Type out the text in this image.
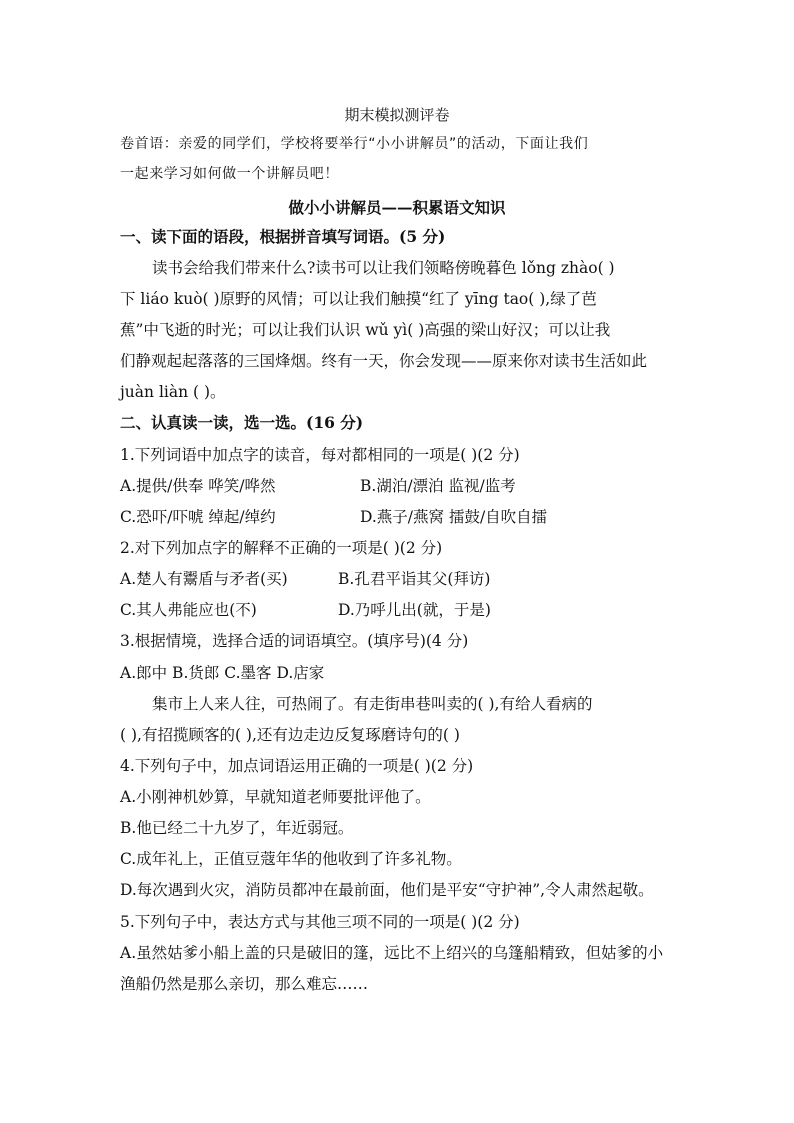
期末模拟测评卷
卷首语：亲爱的同学们，学校将要举行“小小讲解员”的活动，下面让我们
一起来学习如何做一个讲解员吧！
做小小讲解员——积累语文知识
一、读下面的语段，根据拼音填写词语。(5 分)
读书会给我们带来什么?读书可以让我们领略傍晚暮色 lǒng zhào( )
下 liáo kuò( )原野的风情；可以让我们触摸“红了 yīng tao( ),绿了芭
蕉”中飞逝的时光；可以让我们认识 wǔ yì( )高强的梁山好汉；可以让我
们静观起起落落的三国烽烟。终有一天，你会发现——原来你对读书生活如此
juàn liàn ( )。
二、认真读一读，选一选。(16 分)
1.下列词语中加点字的读音，每对都相同的一项是( )(2 分)
A.提供/供奉 哗笑/哗然	B.湖泊/漂泊 监视/监考
C.恐吓/吓唬 绰起/绰约	D.燕子/燕窝 擂鼓/自吹自擂
2.对下列加点字的解释不正确的一项是( )(2 分)
A.楚人有鬻盾与矛者(买)	B.孔君平诣其父(拜访)
C.其人弗能应也(不)	D.乃呼儿出(就，于是)
3.根据情境，选择合适的词语填空。(填序号)(4 分)
A.郎中 B.货郎 C.墨客 D.店家
集市上人来人往，可热闹了。有走街串巷叫卖的( ),有给人看病的
( ),有招揽顾客的( ),还有边走边反复琢磨诗句的( )
4.下列句子中，加点词语运用正确的一项是( )(2 分)
A.小刚神机妙算，早就知道老师要批评他了。
B.他已经二十九岁了，年近弱冠。
C.成年礼上，正值豆蔻年华的他收到了许多礼物。
D.每次遇到火灾，消防员都冲在最前面，他们是平安“守护神”,令人肃然起敬。
5.下列句子中，表达方式与其他三项不同的一项是( )(2 分)
A.虽然姑爹小船上盖的只是破旧的篷，远比不上绍兴的乌篷船精致，但姑爹的小
渔船仍然是那么亲切，那么难忘……
